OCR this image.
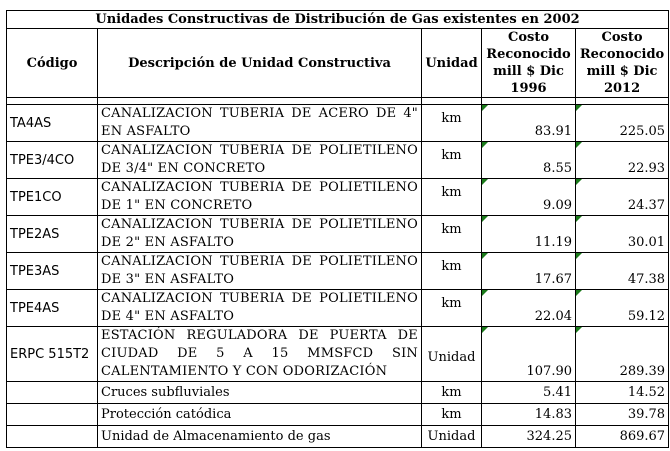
Unidades Constructivas de Distribución de Gas existentes en 2002				
Código	Descripción de Unidad Constructiva	Unidad	Costo Reconocido mill $ Dic 1996	Costo Reconocido mill $ Dic 2012

TA4AS	CANALIZACION TUBERIA DE ACERO DE 4" EN ASFALTO	km	83.91	225.05
TPE3/4CO	CANALIZACION TUBERIA DE POLIETILENO DE 3/4" EN CONCRETO	km	8.55	22.93
TPE1CO	CANALIZACION TUBERIA DE POLIETILENO DE 1" EN CONCRETO	km	9.09	24.37
TPE2AS	CANALIZACION TUBERIA DE POLIETILENO DE 2" EN ASFALTO	km	11.19	30.01
TPE3AS	CANALIZACION TUBERIA DE POLIETILENO DE 3" EN ASFALTO	km	17.67	47.38
TPE4AS	CANALIZACION TUBERIA DE POLIETILENO DE 4" EN ASFALTO	km	22.04	59.12
ERPC 515T2	ESTACIÓN REGULADORA DE PUERTA DE CIUDAD DE 5 A 15 MMSFCD SIN CALENTAMIENTO Y CON ODORIZACIÓN	Unidad	107.90	289.39
	Cruces subfluviales	km	5.41	14.52
	Protección catódica	km	14.83	39.78
	Unidad de Almacenamiento de gas	Unidad	324.25	869.67
